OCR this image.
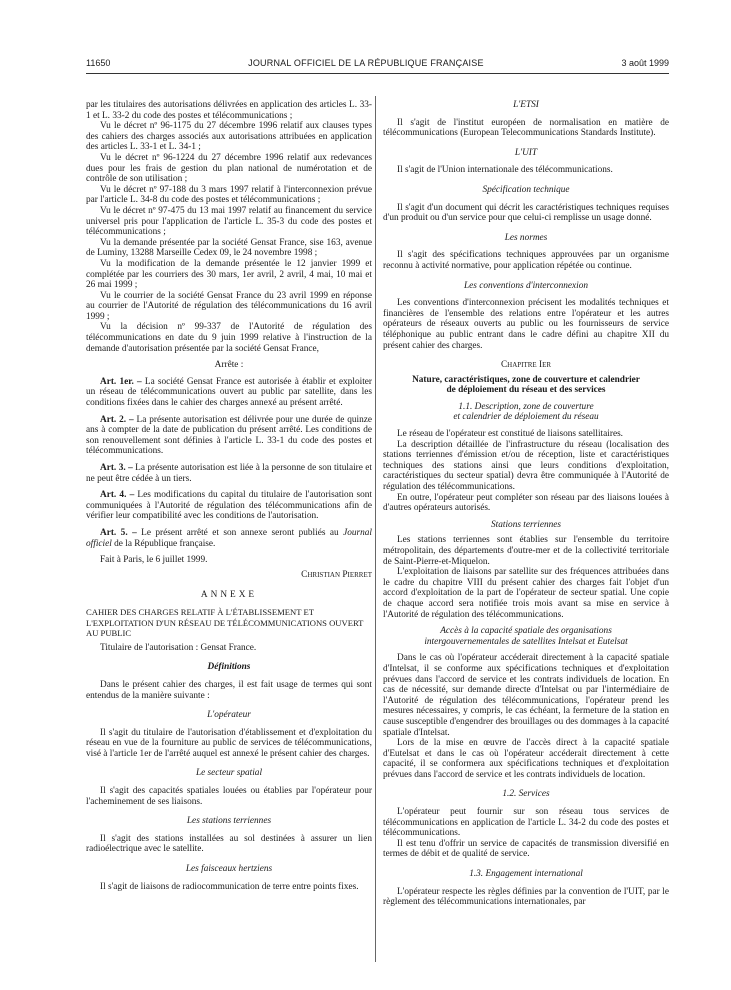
11650	JOURNAL OFFICIEL DE LA RÉPUBLIQUE FRANÇAISE	3 août 1999

par les titulaires des autorisations délivrées en application des articles L. 33-1 et L. 33-2 du code des postes et télécommunications ;

Vu le décret nº 96-1175 du 27 décembre 1996 relatif aux clauses types des cahiers des charges associés aux autorisations attribuées en application des articles L. 33-1 et L. 34-1 ;

Vu le décret nº 96-1224 du 27 décembre 1996 relatif aux redevances dues pour les frais de gestion du plan national de numérotation et de contrôle de son utilisation ;

Vu le décret nº 97-188 du 3 mars 1997 relatif à l'interconnexion prévue par l'article L. 34-8 du code des postes et télécommunications ;

Vu le décret nº 97-475 du 13 mai 1997 relatif au financement du service universel pris pour l'application de l'article L. 35-3 du code des postes et télécommunications ;

Vu la demande présentée par la société Gensat France, sise 163, avenue de Luminy, 13288 Marseille Cedex 09, le 24 novembre 1998 ;

Vu la modification de la demande présentée le 12 janvier 1999 et complétée par les courriers des 30 mars, 1er avril, 2 avril, 4 mai, 10 mai et 26 mai 1999 ;

Vu le courrier de la société Gensat France du 23 avril 1999 en réponse au courrier de l'Autorité de régulation des télécommunications du 16 avril 1999 ;

Vu la décision nº 99-337 de l'Autorité de régulation des télécommunications en date du 9 juin 1999 relative à l'instruction de la demande d'autorisation présentée par la société Gensat France,

Arrête :

Art. 1er. – La société Gensat France est autorisée à établir et exploiter un réseau de télécommunications ouvert au public par satellite, dans les conditions fixées dans le cahier des charges annexé au présent arrêté.

Art. 2. – La présente autorisation est délivrée pour une durée de quinze ans à compter de la date de publication du présent arrêté. Les conditions de son renouvellement sont définies à l'article L. 33-1 du code des postes et télécommunications.

Art. 3. – La présente autorisation est liée à la personne de son titulaire et ne peut être cédée à un tiers.

Art. 4. – Les modifications du capital du titulaire de l'autorisation sont communiquées à l'Autorité de régulation des télécommunications afin de vérifier leur compatibilité avec les conditions de l'autorisation.

Art. 5. – Le présent arrêté et son annexe seront publiés au Journal officiel de la République française.

Fait à Paris, le 6 juillet 1999.

Christian Pierret
ANNEXE

CAHIER DES CHARGES RELATIF À L'ÉTABLISSEMENT ET L'EXPLOITATION D'UN RÉSEAU DE TÉLÉCOMMUNICATIONS OUVERT AU PUBLIC

Titulaire de l'autorisation : Gensat France.

Définitions

Dans le présent cahier des charges, il est fait usage de termes qui sont entendus de la manière suivante :

L'opérateur

Il s'agit du titulaire de l'autorisation d'établissement et d'exploitation du réseau en vue de la fourniture au public de services de télécommunications, visé à l'article 1er de l'arrêté auquel est annexé le présent cahier des charges.

Le secteur spatial

Il s'agit des capacités spatiales louées ou établies par l'opérateur pour l'acheminement de ses liaisons.

Les stations terriennes

Il s'agit des stations installées au sol destinées à assurer un lien radioélectrique avec le satellite.

Les faisceaux hertziens

Il s'agit de liaisons de radiocommunication de terre entre points fixes.

L'ETSI

Il s'agit de l'institut européen de normalisation en matière de télécommunications (European Telecommunications Standards Institute).

L'UIT

Il s'agit de l'Union internationale des télécommunications.

Spécification technique

Il s'agit d'un document qui décrit les caractéristiques techniques requises d'un produit ou d'un service pour que celui-ci remplisse un usage donné.

Les normes

Il s'agit des spécifications techniques approuvées par un organisme reconnu à activité normative, pour application répétée ou continue.

Les conventions d'interconnexion

Les conventions d'interconnexion précisent les modalités techniques et financières de l'ensemble des relations entre l'opérateur et les autres opérateurs de réseaux ouverts au public ou les fournisseurs de service téléphonique au public entrant dans le cadre défini au chapitre XII du présent cahier des charges.

Chapitre Ier
Nature, caractéristiques, zone de couverture et calendrier
de déploiement du réseau et des services
1.1. Description, zone de couverture
et calendrier de déploiement du réseau

Le réseau de l'opérateur est constitué de liaisons satellitaires.

La description détaillée de l'infrastructure du réseau (localisation des stations terriennes d'émission et/ou de réception, liste et caractéristiques techniques des stations ainsi que leurs conditions d'exploitation, caractéristiques du secteur spatial) devra être communiquée à l'Autorité de régulation des télécommunications.

En outre, l'opérateur peut compléter son réseau par des liaisons louées à d'autres opérateurs autorisés.

Stations terriennes

Les stations terriennes sont établies sur l'ensemble du territoire métropolitain, des départements d'outre-mer et de la collectivité territoriale de Saint-Pierre-et-Miquelon.

L'exploitation de liaisons par satellite sur des fréquences attribuées dans le cadre du chapitre VIII du présent cahier des charges fait l'objet d'un accord d'exploitation de la part de l'opérateur de secteur spatial. Une copie de chaque accord sera notifiée trois mois avant sa mise en service à l'Autorité de régulation des télécommunications.

Accès à la capacité spatiale des organisations
intergouvernementales de satellites Intelsat et Eutelsat

Dans le cas où l'opérateur accéderait directement à la capacité spatiale d'Intelsat, il se conforme aux spécifications techniques et d'exploitation prévues dans l'accord de service et les contrats individuels de location. En cas de nécessité, sur demande directe d'Intelsat ou par l'intermédiaire de l'Autorité de régulation des télécommunications, l'opérateur prend les mesures nécessaires, y compris, le cas échéant, la fermeture de la station en cause susceptible d'engendrer des brouillages ou des dommages à la capacité spatiale d'Intelsat.

Lors de la mise en œuvre de l'accès direct à la capacité spatiale d'Eutelsat et dans le cas où l'opérateur accéderait directement à cette capacité, il se conformera aux spécifications techniques et d'exploitation prévues dans l'accord de service et les contrats individuels de location.

1.2. Services

L'opérateur peut fournir sur son réseau tous services de télécommunications en application de l'article L. 34-2 du code des postes et télécommunications.

Il est tenu d'offrir un service de capacités de transmission diversifié en termes de débit et de qualité de service.

1.3. Engagement international

L'opérateur respecte les règles définies par la convention de l'UIT, par le règlement des télécommunications internationales, par
